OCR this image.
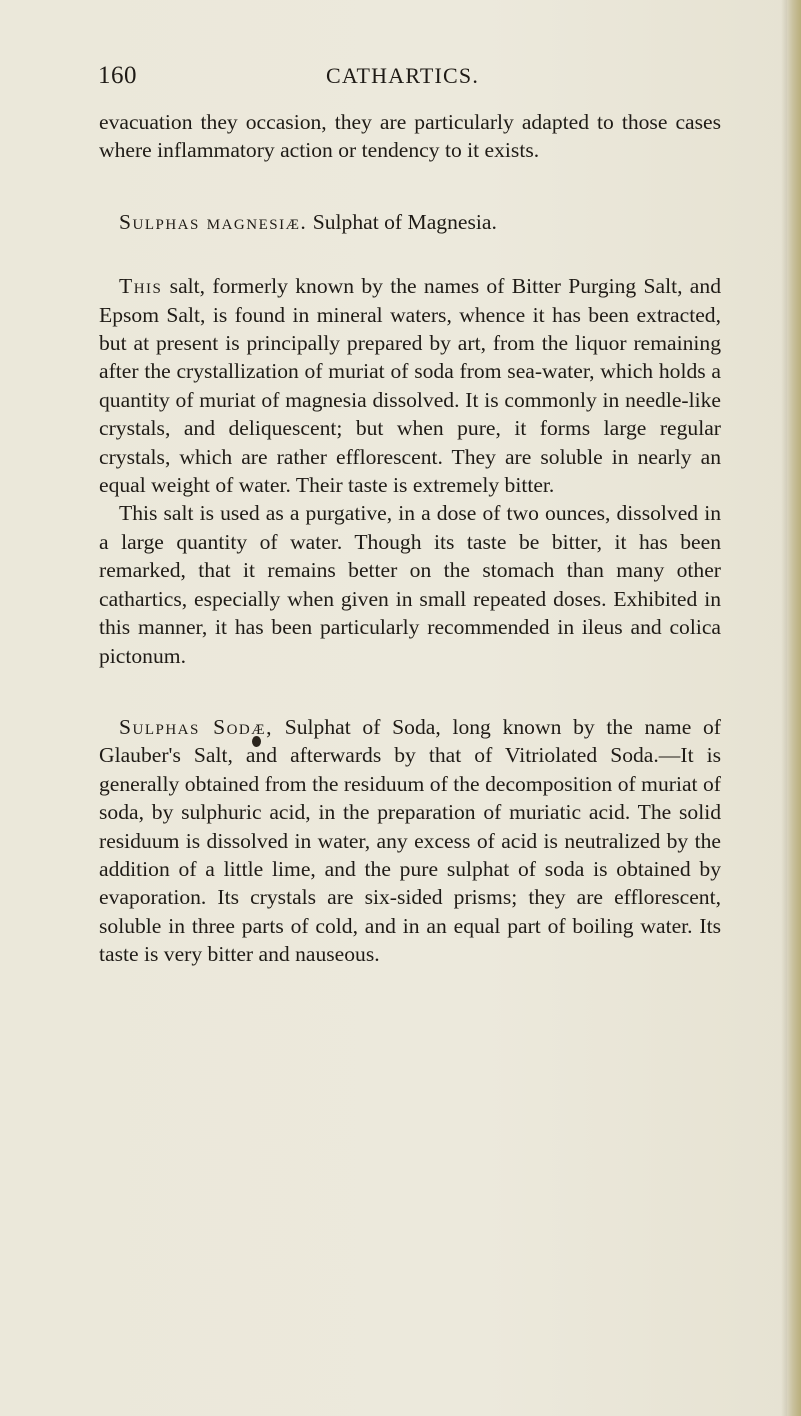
160	CATHARTICS.

evacuation they occasion, they are particularly adapted to those cases where inflammatory action or tendency to it exists.

Sulphas magnesiæ. Sulphat of Magnesia.

This salt, formerly known by the names of Bitter Purging Salt, and Epsom Salt, is found in mineral waters, whence it has been extracted, but at present is principally prepared by art, from the liquor remaining after the crystallization of muriat of soda from sea-water, which holds a quantity of muriat of magnesia dissolved. It is commonly in needle-like crystals, and deliquescent; but when pure, it forms large regular crystals, which are rather efflorescent. They are soluble in nearly an equal weight of water. Their taste is extremely bitter.

This salt is used as a purgative, in a dose of two ounces, dissolved in a large quantity of water. Though its taste be bitter, it has been remarked, that it remains better on the stomach than many other cathartics, especially when given in small repeated doses. Exhibited in this manner, it has been particularly recommended in ileus and colica pictonum.

Sulphas Sodæ, Sulphat of Soda, long known by the name of Glauber's Salt, and afterwards by that of Vitriolated Soda.—It is generally obtained from the residuum of the decomposition of muriat of soda, by sulphuric acid, in the preparation of muriatic acid. The solid residuum is dissolved in water, any excess of acid is neutralized by the addition of a little lime, and the pure sulphat of soda is obtained by evaporation. Its crystals are six-sided prisms; they are efflorescent, soluble in three parts of cold, and in an equal part of boiling water. Its taste is very bitter and nauseous.
